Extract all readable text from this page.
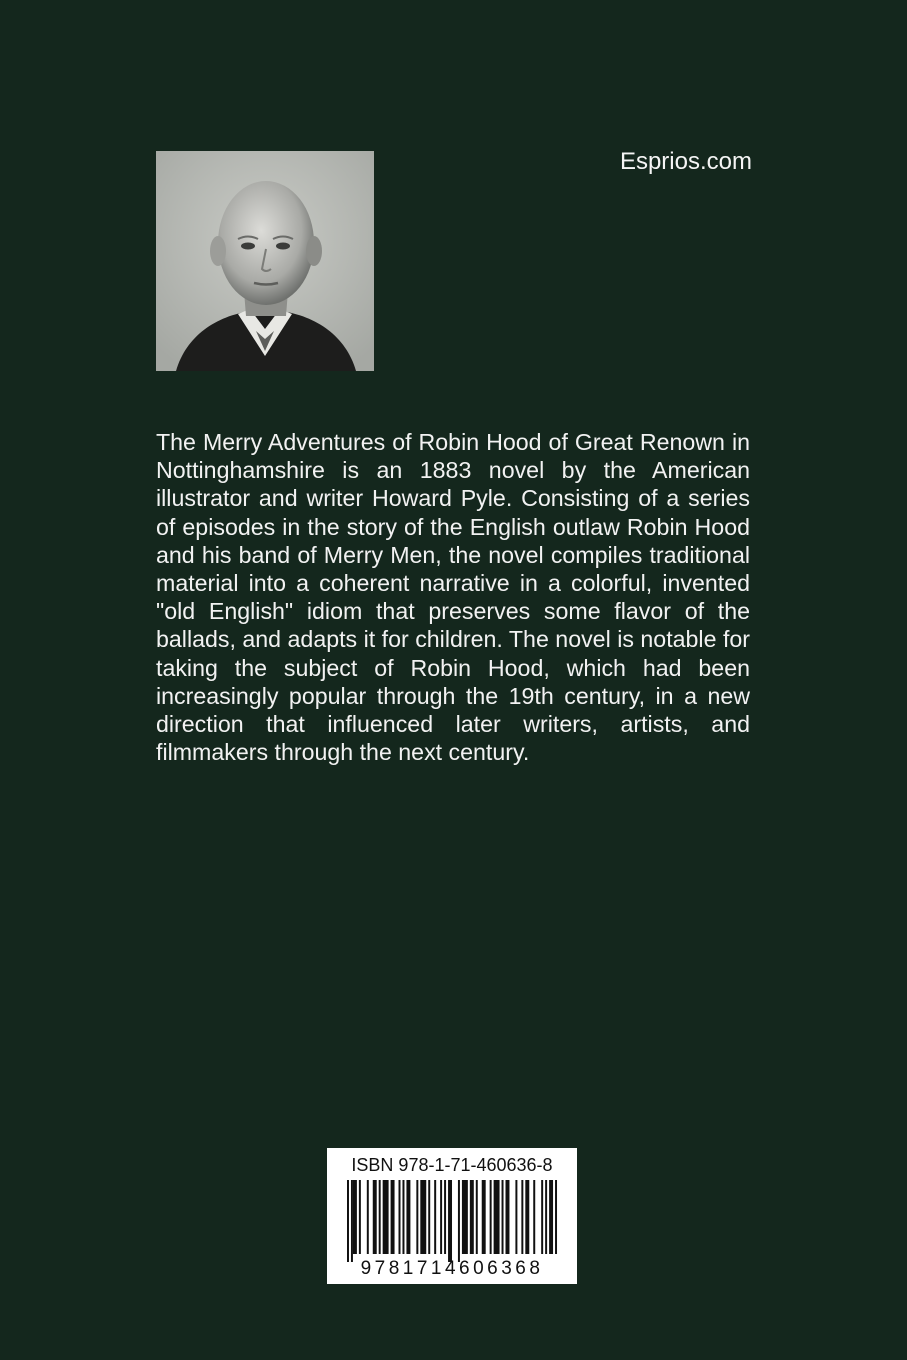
Esprios.com
The Merry Adventures of Robin Hood of Great Renown in Nottinghamshire is an 1883 novel by the American illustrator and writer Howard Pyle. Consisting of a series of episodes in the story of the English outlaw Robin Hood and his band of Merry Men, the novel compiles traditional material into a coherent narrative in a colorful, invented "old English" idiom that preserves some flavor of the ballads, and adapts it for children. The novel is notable for taking the subject of Robin Hood, which had been increasingly popular through the 19th century, in a new direction that influenced later writers, artists, and filmmakers through the next century.
ISBN 978-1-71-460636-8
9781714606368
